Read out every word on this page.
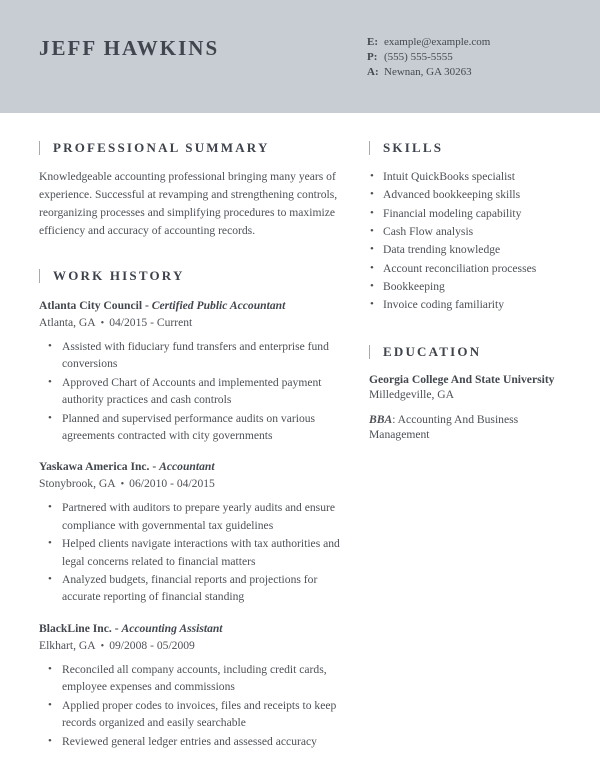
JEFF HAWKINS	E: example@example.com
P: (555) 555-5555
A: Newnan, GA 30263
PROFESSIONAL SUMMARY

Knowledgeable accounting professional bringing many years of experience. Successful at revamping and strengthening controls, reorganizing processes and simplifying procedures to maximize efficiency and accuracy of accounting records.

WORK HISTORY
Atlanta City Council - Certified Public Accountant
Atlanta, GA • 04/2015 - Current
• Assisted with fiduciary fund transfers and enterprise fund conversions
• Approved Chart of Accounts and implemented payment authority practices and cash controls
• Planned and supervised performance audits on various agreements contracted with city governments
Yaskawa America Inc. - Accountant
Stonybrook, GA • 06/2010 - 04/2015
• Partnered with auditors to prepare yearly audits and ensure compliance with governmental tax guidelines
• Helped clients navigate interactions with tax authorities and legal concerns related to financial matters
• Analyzed budgets, financial reports and projections for accurate reporting of financial standing
BlackLine Inc. - Accounting Assistant
Elkhart, GA • 09/2008 - 05/2009
• Reconciled all company accounts, including credit cards, employee expenses and commissions
• Applied proper codes to invoices, files and receipts to keep records organized and easily searchable
• Reviewed general ledger entries and assessed accuracy
SKILLS
• Intuit QuickBooks specialist
• Advanced bookkeeping skills
• Financial modeling capability
• Cash Flow analysis
• Data trending knowledge
• Account reconciliation processes
• Bookkeeping
• Invoice coding familiarity
EDUCATION
Georgia College And State University
Milledgeville, GA
BBA: Accounting And Business Management
